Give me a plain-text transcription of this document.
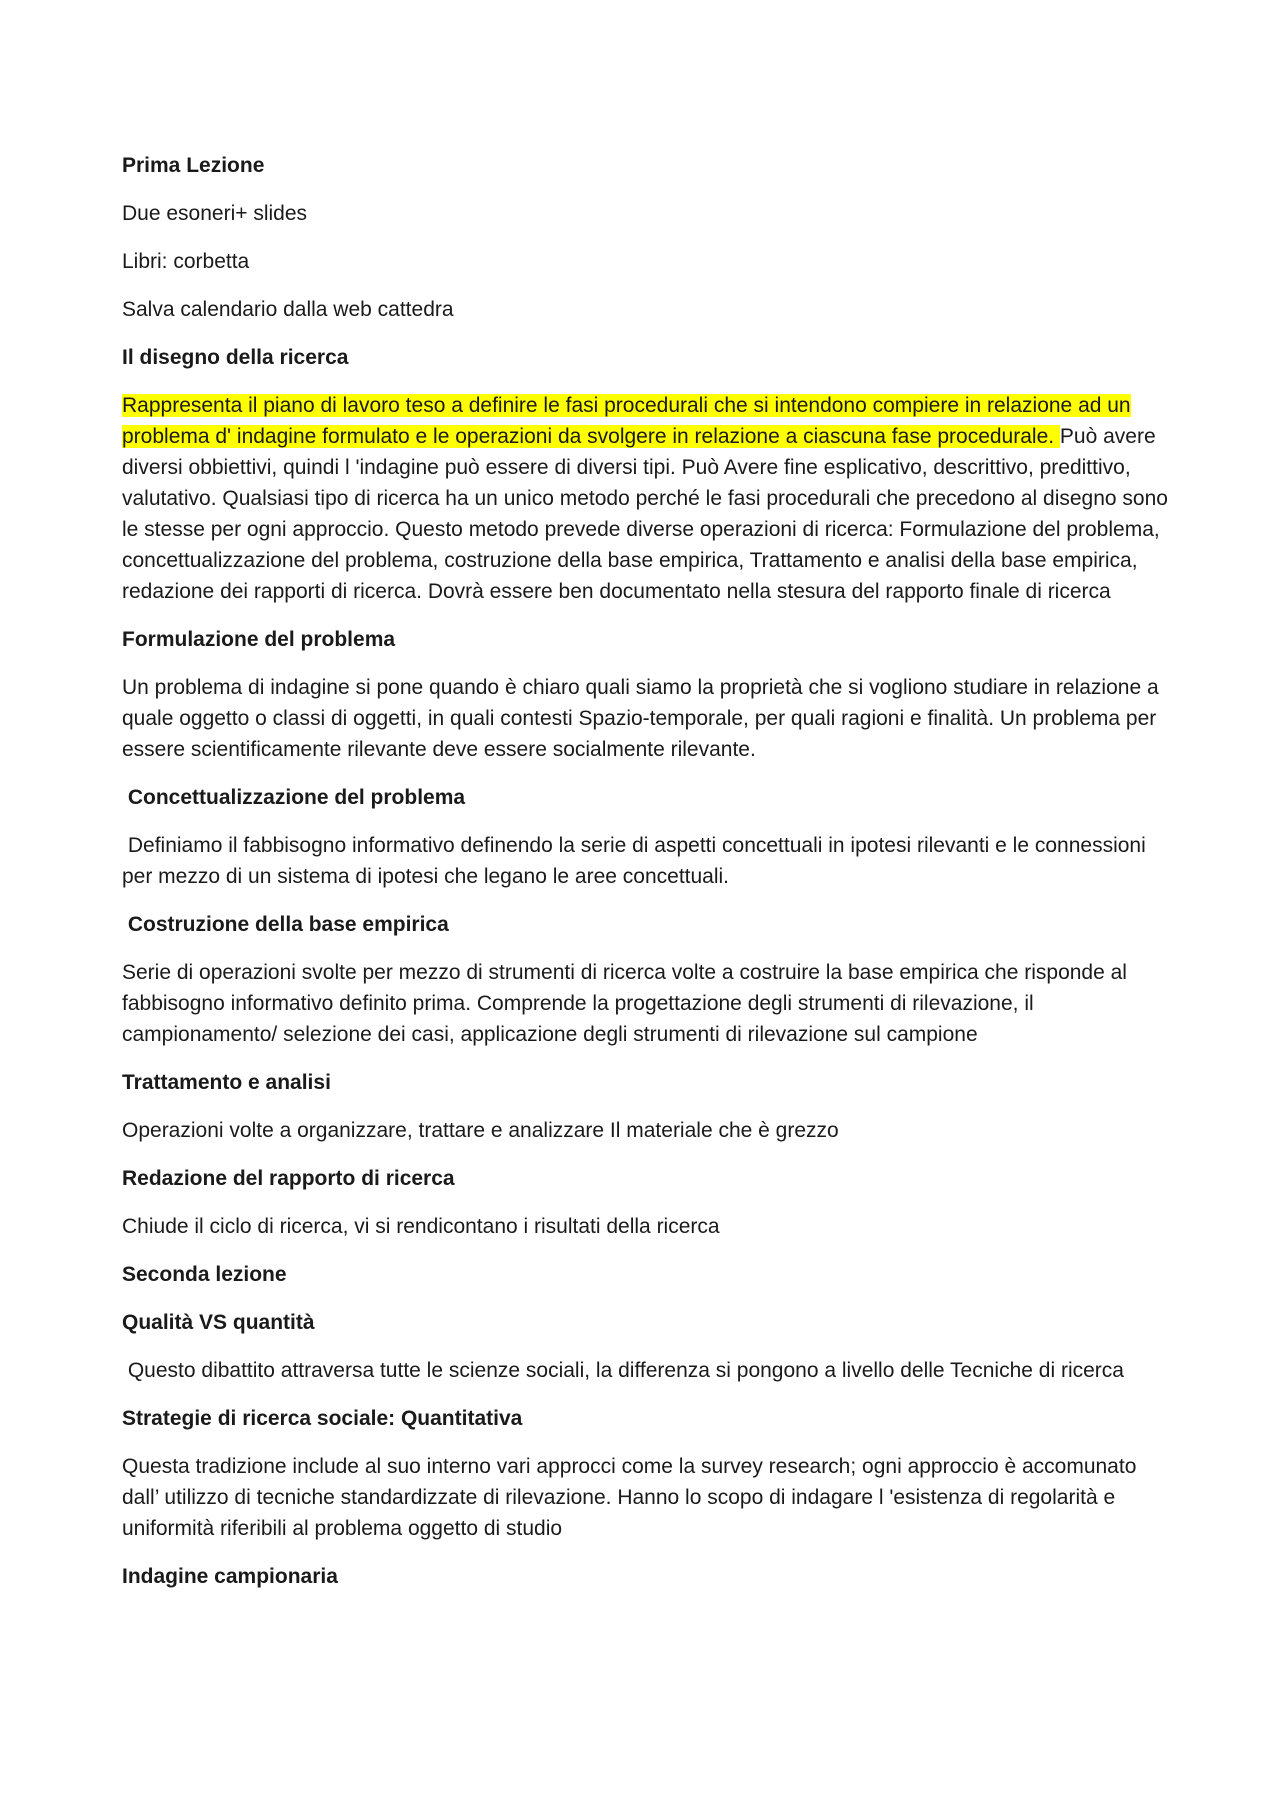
Prima Lezione

Due esoneri+ slides

Libri: corbetta

Salva calendario dalla web cattedra

Il disegno della ricerca

Rappresenta il piano di lavoro teso a definire le fasi procedurali che si intendono compiere in relazione ad un problema d' indagine formulato e le operazioni da svolgere in relazione a ciascuna fase procedurale. Può avere diversi obbiettivi, quindi l 'indagine può essere di diversi tipi. Può Avere fine esplicativo, descrittivo, predittivo, valutativo. Qualsiasi tipo di ricerca ha un unico metodo perché le fasi procedurali che precedono al disegno sono le stesse per ogni approccio. Questo metodo prevede diverse operazioni di ricerca: Formulazione del problema, concettualizzazione del problema, costruzione della base empirica, Trattamento e analisi della base empirica, redazione dei rapporti di ricerca. Dovrà essere ben documentato nella stesura del rapporto finale di ricerca

Formulazione del problema

Un problema di indagine si pone quando è chiaro quali siamo la proprietà che si vogliono studiare in relazione a quale oggetto o classi di oggetti, in quali contesti Spazio-temporale, per quali ragioni e finalità. Un problema per essere scientificamente rilevante deve essere socialmente rilevante.

Concettualizzazione del problema

Definiamo il fabbisogno informativo definendo la serie di aspetti concettuali in ipotesi rilevanti e le connessioni per mezzo di un sistema di ipotesi che legano le aree concettuali.

Costruzione della base empirica

Serie di operazioni svolte per mezzo di strumenti di ricerca volte a costruire la base empirica che risponde al fabbisogno informativo definito prima. Comprende la progettazione degli strumenti di rilevazione, il campionamento/ selezione dei casi, applicazione degli strumenti di rilevazione sul campione

Trattamento e analisi

Operazioni volte a organizzare, trattare e analizzare Il materiale che è grezzo

Redazione del rapporto di ricerca

Chiude il ciclo di ricerca, vi si rendicontano i risultati della ricerca

Seconda lezione

Qualità VS quantità

Questo dibattito attraversa tutte le scienze sociali, la differenza si pongono a livello delle Tecniche di ricerca

Strategie di ricerca sociale: Quantitativa

Questa tradizione include al suo interno vari approcci come la survey research; ogni approccio è accomunato dall’ utilizzo di tecniche standardizzate di rilevazione. Hanno lo scopo di indagare l 'esistenza di regolarità e uniformità riferibili al problema oggetto di studio

Indagine campionaria
